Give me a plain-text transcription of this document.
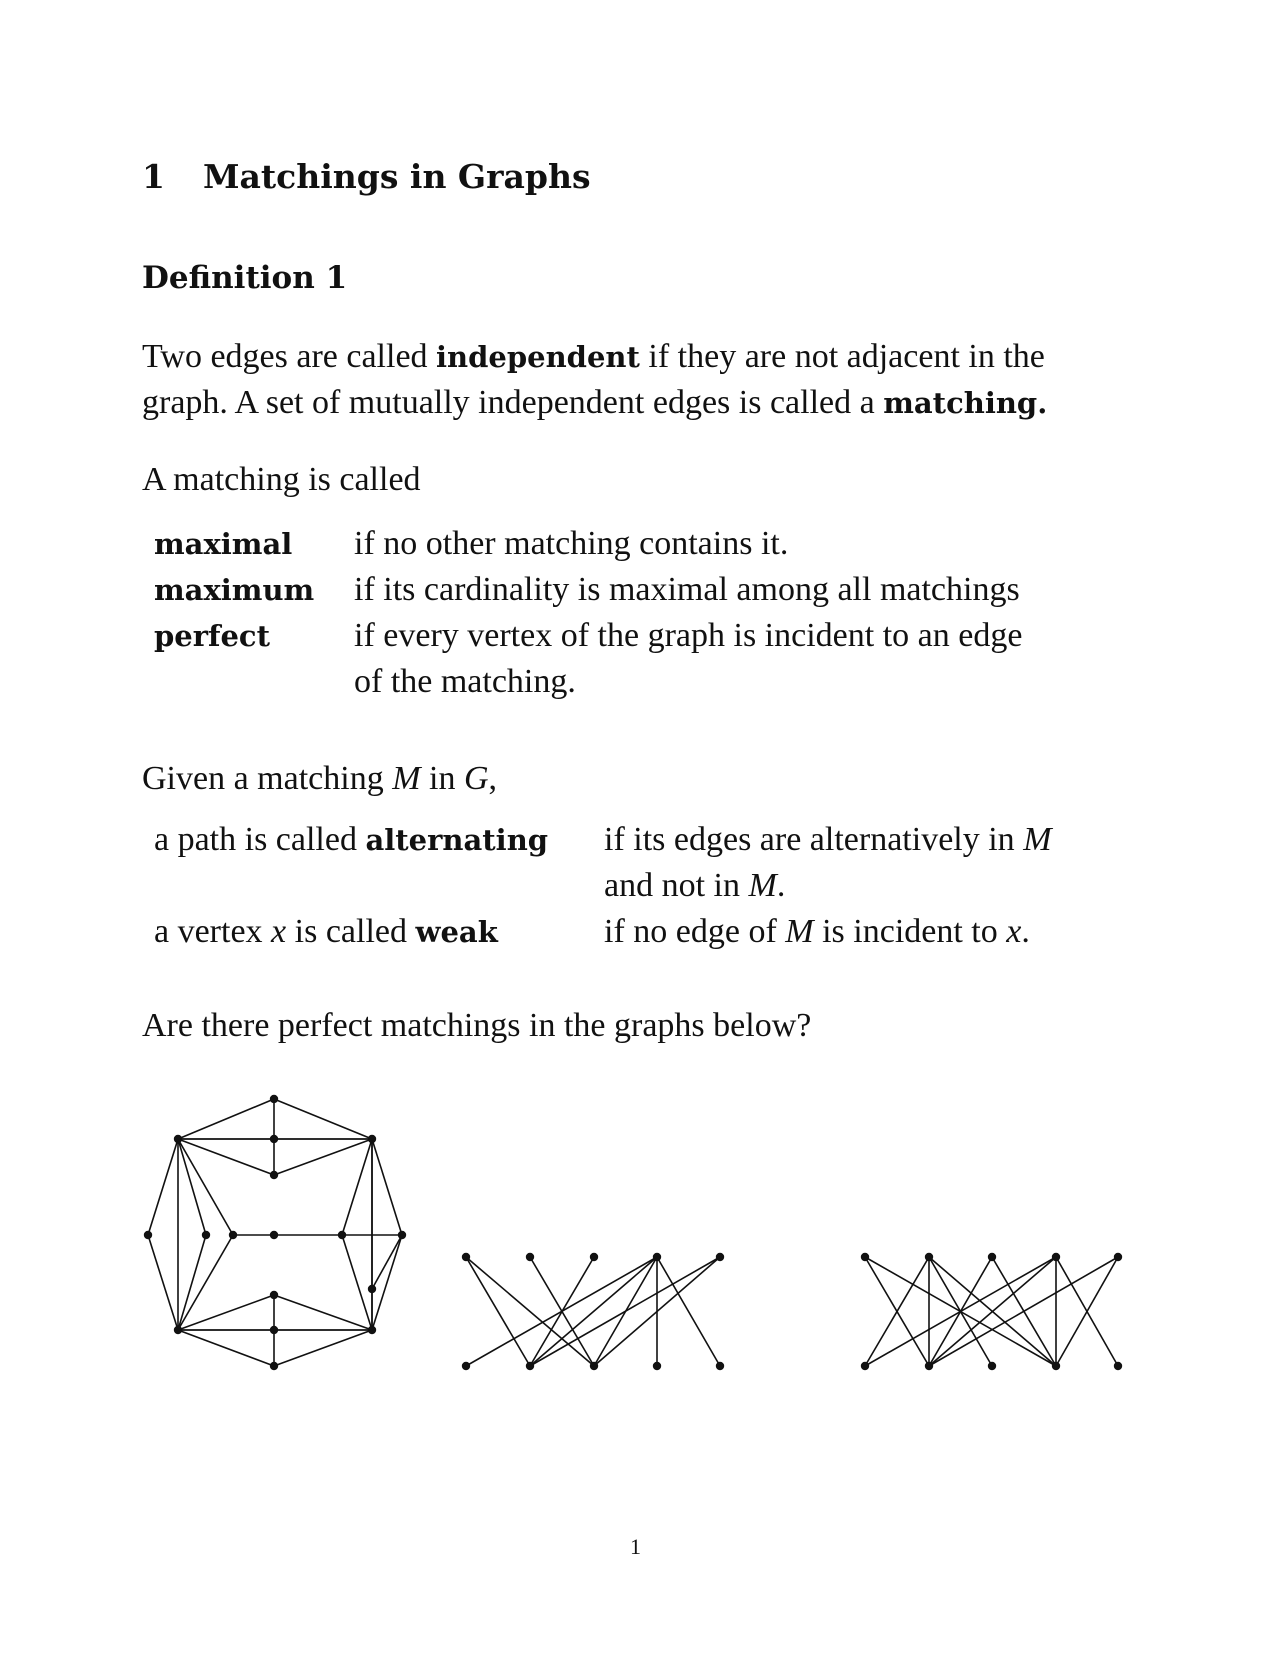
1 Matchings in Graphs
Definition 1
Two edges are called independent if they are not adjacent in the
graph. A set of mutually independent edges is called a matching.
A matching is called
maximal if no other matching contains it.
maximum if its cardinality is maximal among all matchings
perfect if every vertex of the graph is incident to an edge
of the matching.
Given a matching M in G,
a path is called alternating if its edges are alternatively in M
and not in M.
a vertex x is called weak	if no edge of M is incident to x.
Are there perfect matchings in the graphs below?
1
